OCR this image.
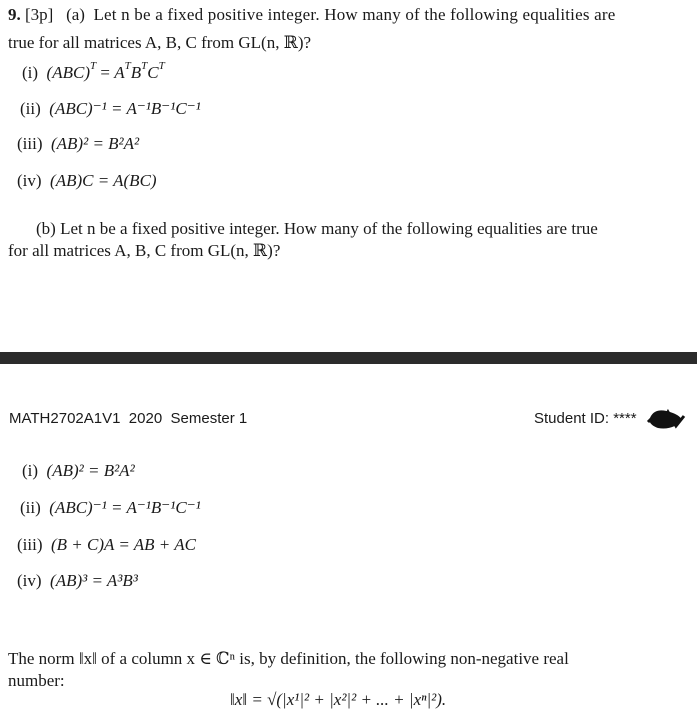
9. [3p] (a) Let n be a fixed positive integer. How many of the following equalities are
true for all matrices A, B, C from GL(n, ℝ)?
(i) $(ABC)^T = A^TB^TC^T$
(ii) (ABC)⁻¹ = A⁻¹B⁻¹C⁻¹
(iii) (AB)² = B²A²
(iv) (AB)C = A(BC)
(b) Let n be a fixed positive integer. How many of the following equalities are true
for all matrices A, B, C from GL(n, ℝ)?
MATH2702A1V1 2020 Semester 1	Student ID: ****
(i) (AB)² = B²A²
(ii) (ABC)⁻¹ = A⁻¹B⁻¹C⁻¹
(iii) (B + C)A = AB + AC
(iv) (AB)³ = A³B³
The norm ‖x‖ of a column x ∈ ℂⁿ is, by definition, the following non-negative real
number:
‖x‖ = √(|x¹|² + |x²|² + ... + |xⁿ|²).
